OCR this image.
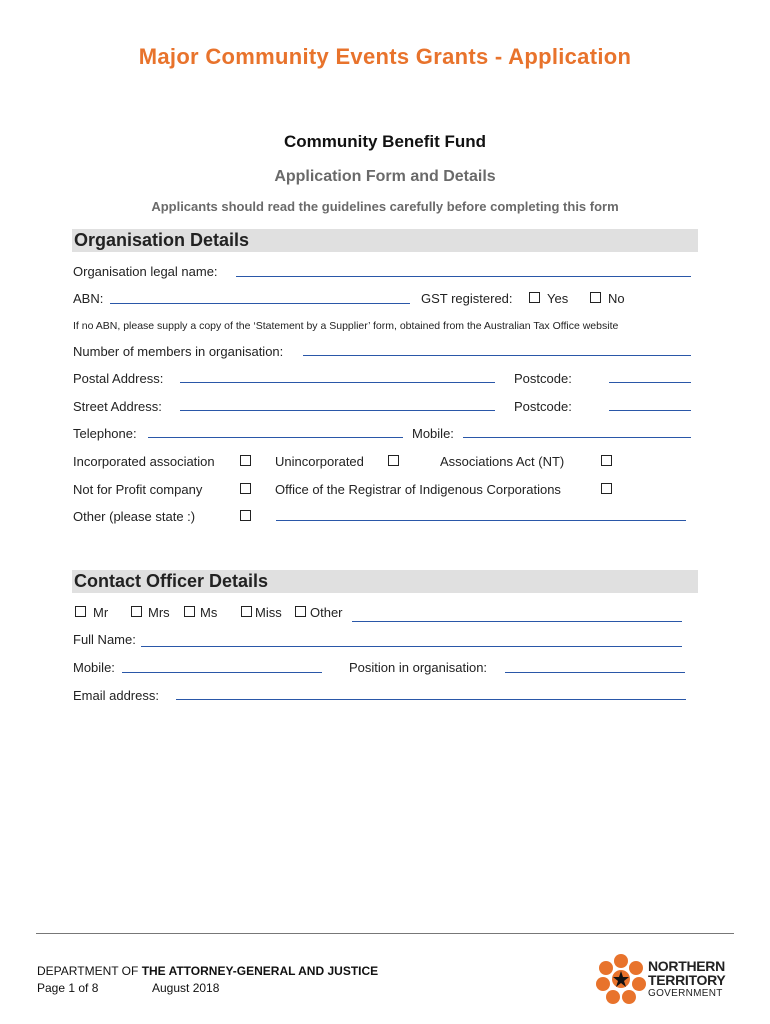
Major Community Events Grants - Application
Community Benefit Fund
Application Form and Details
Applicants should read the guidelines carefully before completing this form
Organisation Details
Organisation legal name:
ABN:	GST registered:	Yes	No
If no ABN, please supply a copy of the ‘Statement by a Supplier’ form, obtained from the Australian Tax Office website
Number of members in organisation:
Postal Address:	Postcode:
Street Address:	Postcode:
Telephone:	Mobile:
Incorporated association	Unincorporated	Associations Act (NT)
Not for Profit company	Office of the Registrar of Indigenous Corporations
Other (please state :)
Contact Officer Details
Mr	Mrs Ms	Miss Other
Full Name:
Mobile:	Position in organisation:
Email address:
DEPARTMENT OF THE ATTORNEY-GENERAL AND JUSTICE
Page 1 of 8	August 2018
NORTHERN
TERRITORY
GOVERNMENT
